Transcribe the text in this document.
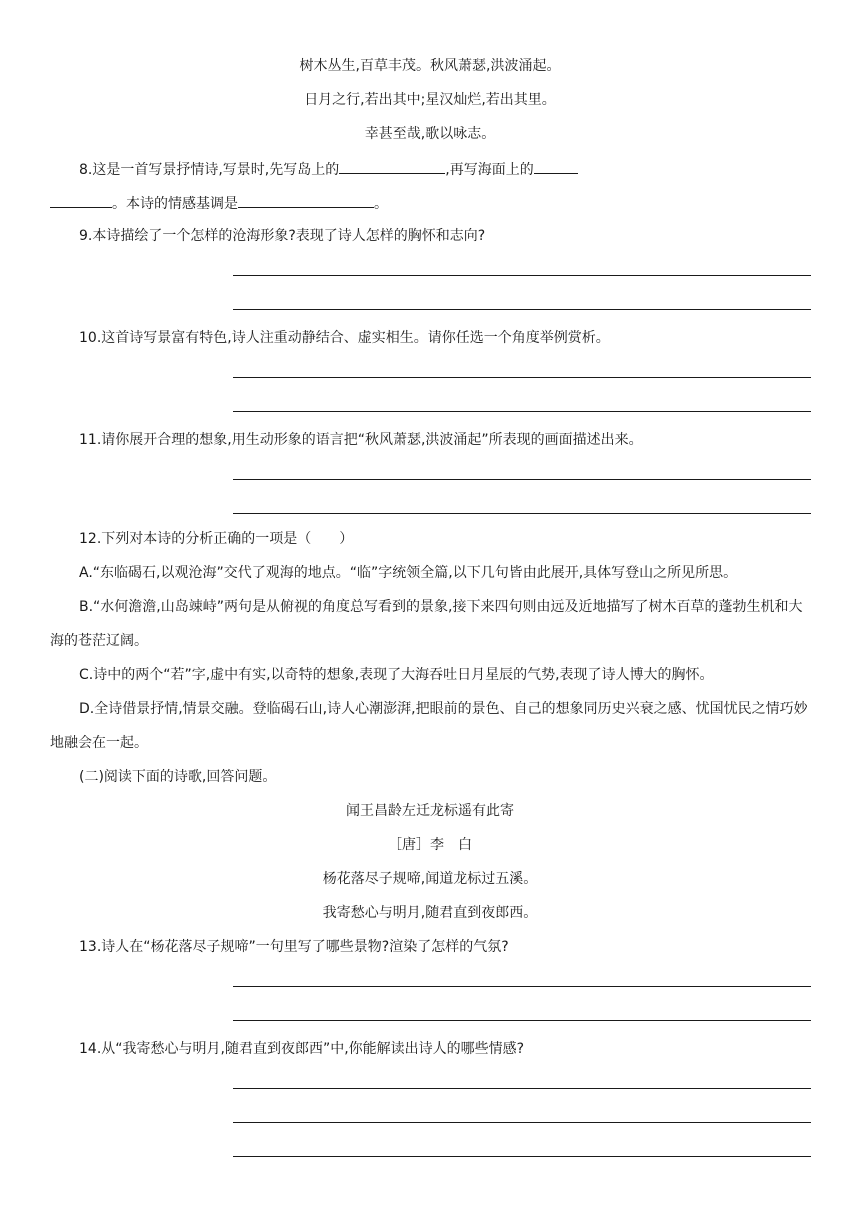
树木丛生,百草丰茂。秋风萧瑟,洪波涌起。
日月之行,若出其中;星汉灿烂,若出其里。
幸甚至哉,歌以咏志。
8.这是一首写景抒情诗,写景时,先写岛上的	,再写海面上的
。本诗的情感基调是	。
9.本诗描绘了一个怎样的沧海形象?表现了诗人怎样的胸怀和志向?
10.这首诗写景富有特色,诗人注重动静结合、虚实相生。请你任选一个角度举例赏析。
11.请你展开合理的想象,用生动形象的语言把“秋风萧瑟,洪波涌起”所表现的画面描述出来。
12.下列对本诗的分析正确的一项是（　　）
A.“东临碣石,以观沧海”交代了观海的地点。“临”字统领全篇,以下几句皆由此展开,具体写登山之所见所思。
B.“水何澹澹,山岛竦峙”两句是从俯视的角度总写看到的景象,接下来四句则由远及近地描写了树木百草的蓬勃生机和大海的苍茫辽阔。
C.诗中的两个“若”字,虚中有实,以奇特的想象,表现了大海吞吐日月星辰的气势,表现了诗人博大的胸怀。
D.全诗借景抒情,情景交融。登临碣石山,诗人心潮澎湃,把眼前的景色、自己的想象同历史兴衰之感、忧国忧民之情巧妙地融会在一起。
(二)阅读下面的诗歌,回答问题。
闻王昌龄左迁龙标遥有此寄
［唐］李　白
杨花落尽子规啼,闻道龙标过五溪。
我寄愁心与明月,随君直到夜郎西。
13.诗人在“杨花落尽子规啼”一句里写了哪些景物?渲染了怎样的气氛?
14.从“我寄愁心与明月,随君直到夜郎西”中,你能解读出诗人的哪些情感?
